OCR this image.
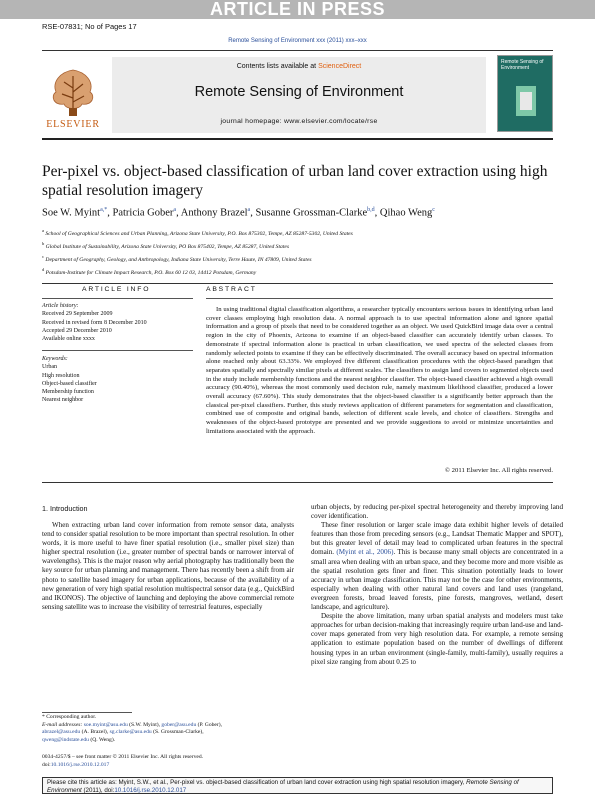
ARTICLE IN PRESS
RSE-07831; No of Pages 17
Remote Sensing of Environment xxx (2011) xxx–xxx
Contents lists available at ScienceDirect
Remote Sensing of Environment
journal homepage: www.elsevier.com/locate/rse
ELSEVIER
Remote Sensing of Environment
Per-pixel vs. object-based classification of urban land cover extraction using high spatial resolution imagery
Soe W. Myint$^{a,*}$, Patricia Gober$^a$, Anthony Brazel$^a$, Susanne Grossman-Clarke$^{b,d}$, Qihao Weng$^c$
$^a$ School of Geographical Sciences and Urban Planning, Arizona State University, P.O. Box 875302, Tempe, AZ 85287-5302, United States
$^b$ Global Institute of Sustainability, Arizona State University, PO Box 875402, Tempe, AZ 85287, United States
$^c$ Department of Geography, Geology, and Anthropology, Indiana State University, Terre Haute, IN 47809, United States
$^d$ Potsdam-Institute for Climate Impact Research, P.O. Box 60 12 03, 14412 Potsdam, Germany
ARTICLE INFO	ABSTRACT
Article history:
Received 29 September 2009
Received in revised form 8 December 2010
Accepted 29 December 2010
Available online xxxx
Keywords:
Urban
High resolution
Object-based classifier
Membership function
Nearest neighbor
In using traditional digital classification algorithms, a researcher typically encounters serious issues in identifying urban land cover classes employing high resolution data. A normal approach is to use spectral information alone and ignore spatial information and a group of pixels that need to be considered together as an object. We used QuickBird image data over a central region in the city of Phoenix, Arizona to examine if an object-based classifier can accurately identify urban classes. To demonstrate if spectral information alone is practical in urban classification, we used spectra of the selected classes from randomly selected points to examine if they can be effectively discriminated. The overall accuracy based on spectral information alone reached only about 63.33%. We employed five different classification procedures with the object-based paradigm that separates spatially and spectrally similar pixels at different scales. The classifiers to assign land covers to segmented objects used in the study include membership functions and the nearest neighbor classifier. The object-based classifier achieved a high overall accuracy (90.40%), whereas the most commonly used decision rule, namely maximum likelihood classifier, produced a lower overall accuracy (67.60%). This study demonstrates that the object-based classifier is a significantly better approach than the classical per-pixel classifiers. Further, this study reviews application of different parameters for segmentation and classification, combined use of composite and original bands, selection of different scale levels, and choice of classifiers. Strengths and weaknesses of the object-based prototype are presented and we provide suggestions to avoid or minimize uncertainties and limitations associated with the approach.
© 2011 Elsevier Inc. All rights reserved.
1. Introduction

When extracting urban land cover information from remote sensor data, analysts tend to consider spatial resolution to be more important than spectral resolution. In other words, it is more useful to have finer spatial resolution (i.e., smaller pixel size) than higher spectral resolution (i.e., greater number of spectral bands or narrower interval of wavelengths). This is the major reason why aerial photography has traditionally been the key source for urban planning and management. There has recently been a shift from air photo to satellite based imagery for urban applications, because of the availability of a new generation of very high spatial resolution multispectral sensor data (e.g., QuickBird and IKONOS). The objective of launching and deploying the above commercial remote sensing satellite was to increase the visibility of terrestrial features, especially

urban objects, by reducing per-pixel spectral heterogeneity and thereby improving land cover identification.

These finer resolution or larger scale image data exhibit higher levels of detailed features than those from preceding sensors (e.g., Landsat Thematic Mapper and SPOT), but this greater level of detail may lead to complicated urban features in the spectral domain. (Myint et al., 2006). This is because many small objects are concentrated in a small area when dealing with an urban space, and they become more and more visible as the spatial resolution gets finer and finer. This situation potentially leads to lower accuracy in urban image classification. This may not be the case for other environments, especially when dealing with other natural land covers and land uses (rangeland, evergreen forests, broad leaved forests, pine forests, mangroves, wetland, desert landscape, and agriculture).

Despite the above limitation, many urban spatial analysts and modelers must take approaches for urban decision-making that increasingly require urban land-use and land-cover maps generated from very high resolution data. For example, a remote sensing application to estimate population based on the number of dwellings of different housing types in an urban environment (single-family, multi-family), usually requires a pixel size ranging from about 0.25 to

* Corresponding author.
E-mail addresses: soe.myint@asu.edu (S.W. Myint), gober@asu.edu (P. Gober),
abrazel@asu.edu (A. Brazel), sg.clarke@asu.edu (S. Grossman-Clarke),
qweng@indstate.edu (Q. Weng).
0034-4257/$ – see front matter © 2011 Elsevier Inc. All rights reserved.
doi:10.1016/j.rse.2010.12.017
Please cite this article as: Myint, S.W., et al., Per-pixel vs. object-based classification of urban land cover extraction using high spatial resolution imagery, Remote Sensing of Environment (2011), doi:10.1016/j.rse.2010.12.017
